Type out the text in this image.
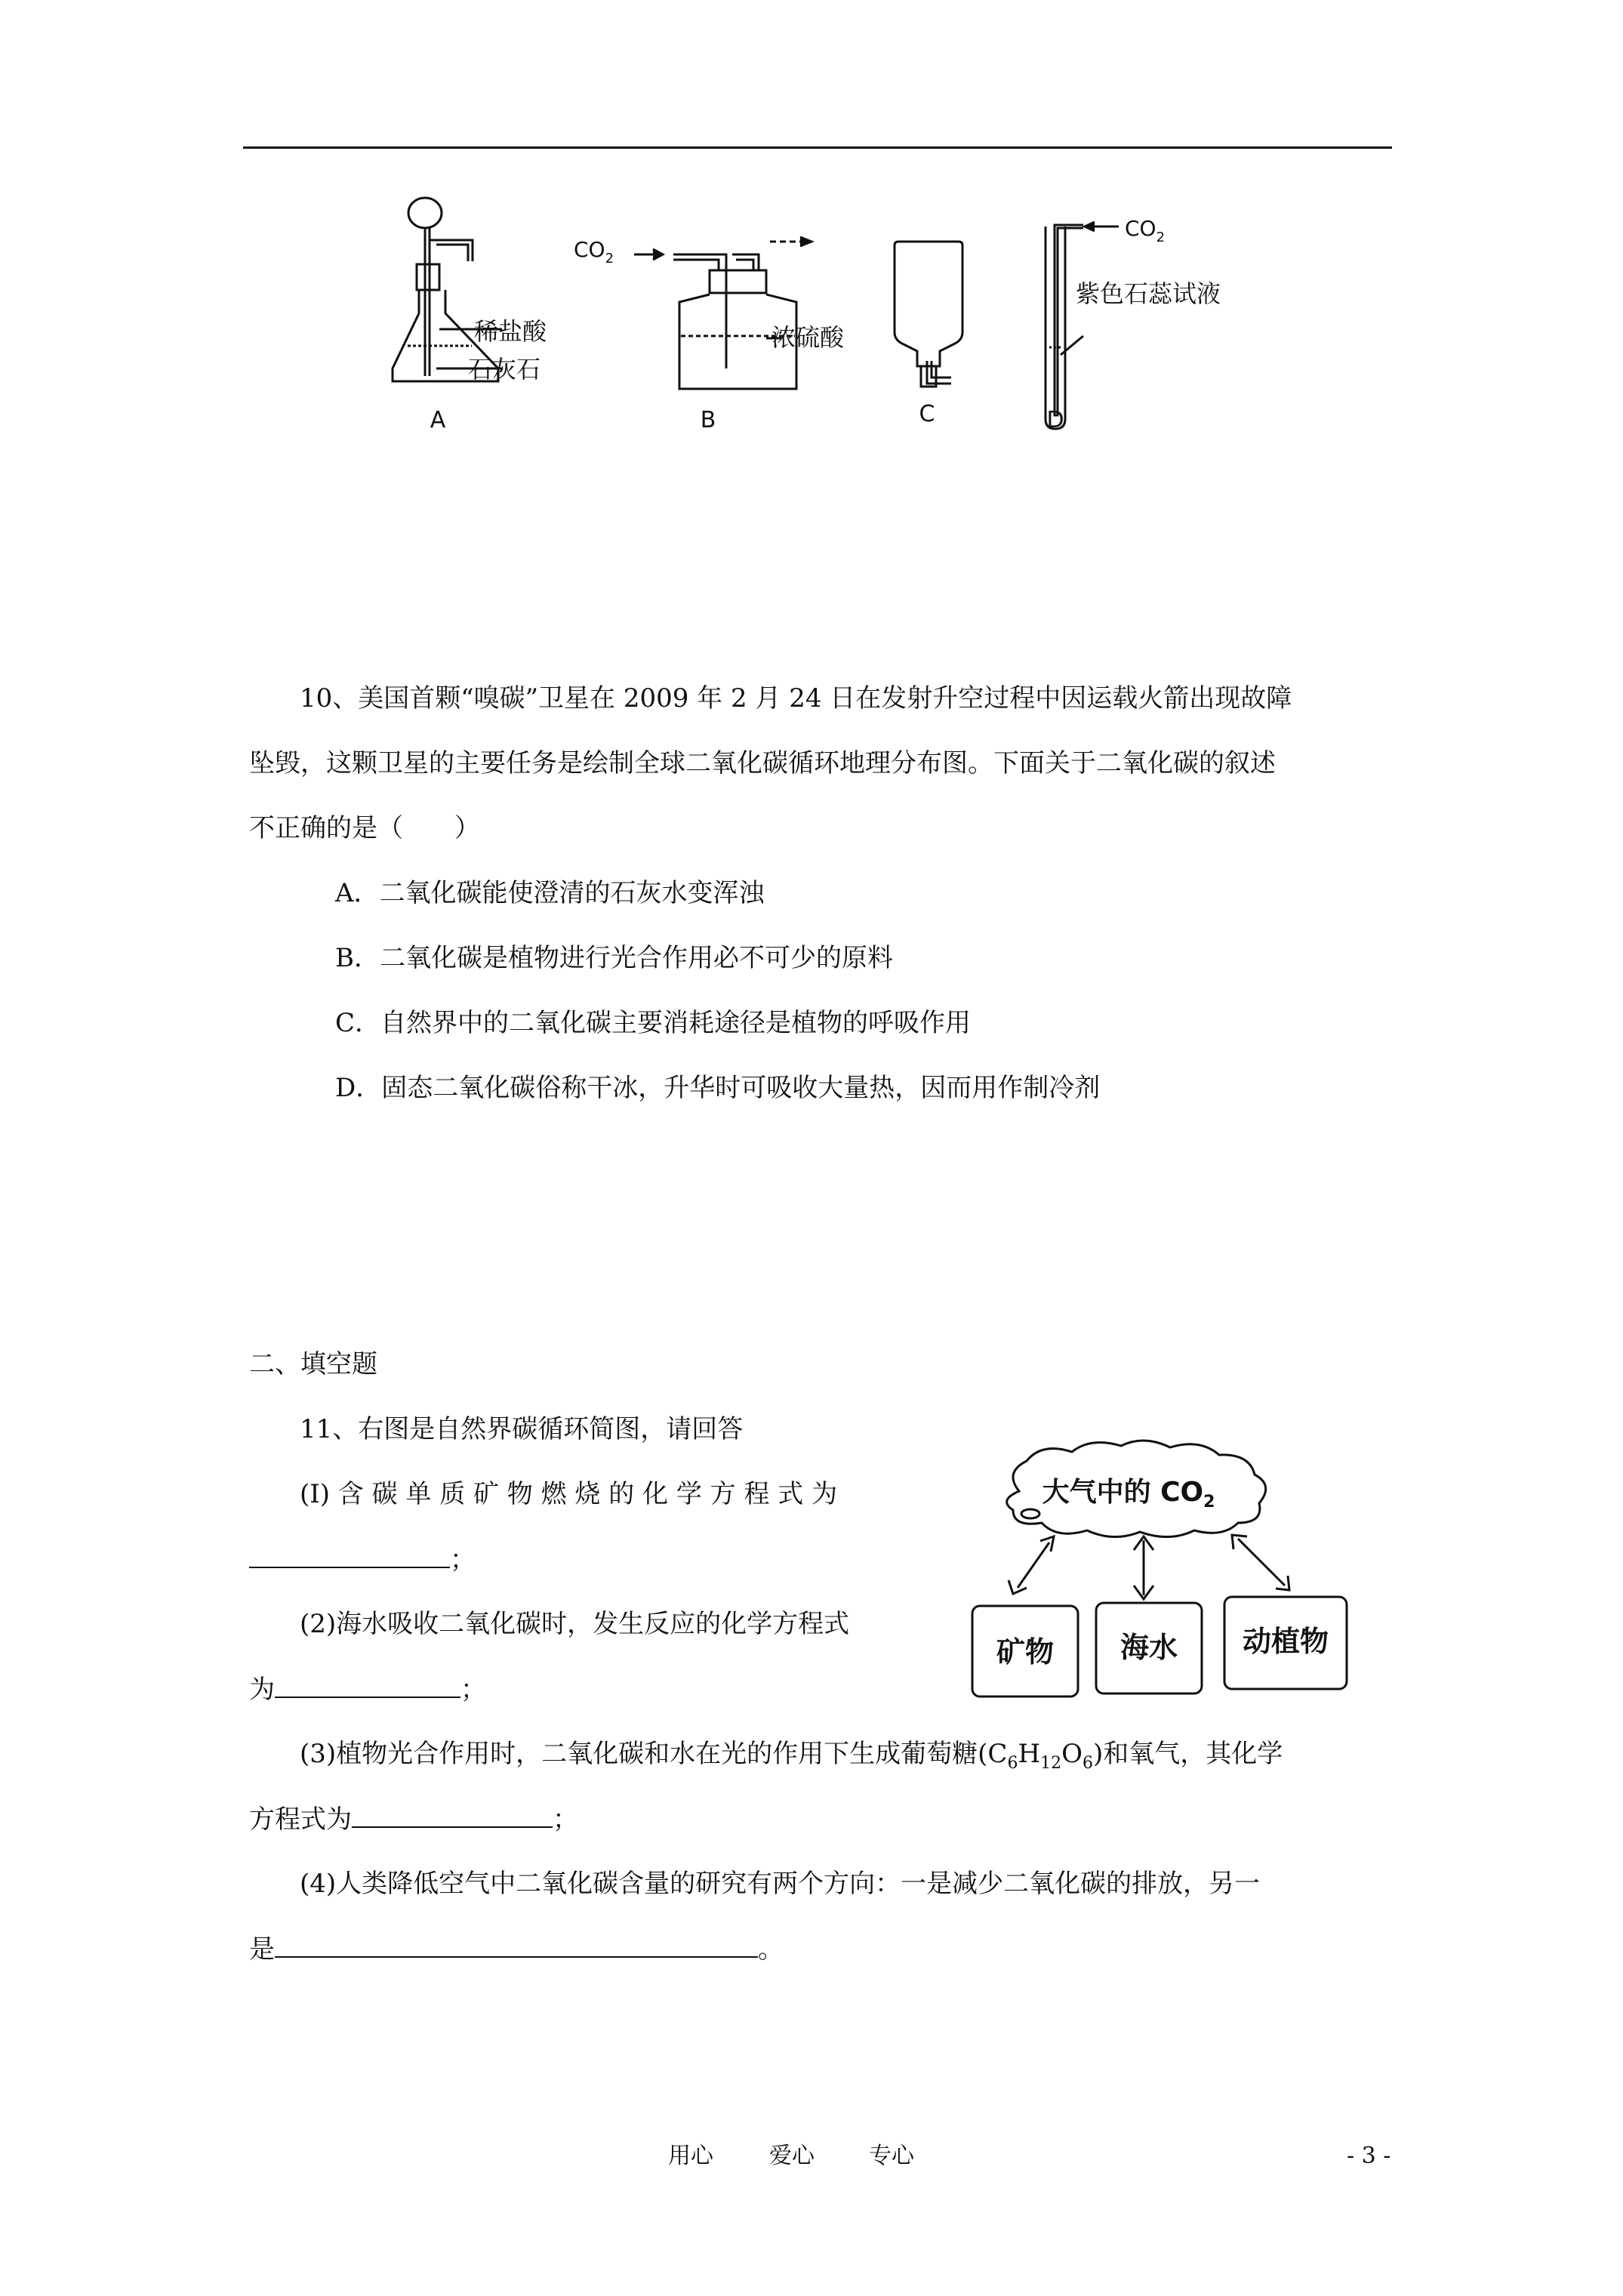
稀盐酸
石灰石
A
$CO_2$
浓硫酸
B	C
$CO_2$
紫色石蕊试液
D
10、美国首颗“嗅碳”卫星在 2009 年 2 月 24 日在发射升空过程中因运载火箭出现故障
坠毁，这颗卫星的主要任务是绘制全球二氧化碳循环地理分布图。下面关于二氧化碳的叙述
不正确的是（　　）
A．二氧化碳能使澄清的石灰水变浑浊
B．二氧化碳是植物进行光合作用必不可少的原料
C．自然界中的二氧化碳主要消耗途径是植物的呼吸作用
D．固态二氧化碳俗称干冰，升华时可吸收大量热，因而用作制冷剂
二、填空题
11、右图是自然界碳循环简图，请回答
(I) 含 碳 单 质 矿 物 燃 烧 的 化 学 方 程 式 为
；
(2)海水吸收二氧化碳时，发生反应的化学方程式
为	；
(3)植物光合作用时，二氧化碳和水在光的作用下生成葡萄糖$(C_6H_{12}O_6)$和氧气，其化学
方程式为	；
(4)人类降低空气中二氧化碳含量的研究有两个方向：一是减少二氧化碳的排放，另一
是	。
大气中的 $CO_2$
矿物 海水 动植物
用心 爱心 专心	- 3 -
